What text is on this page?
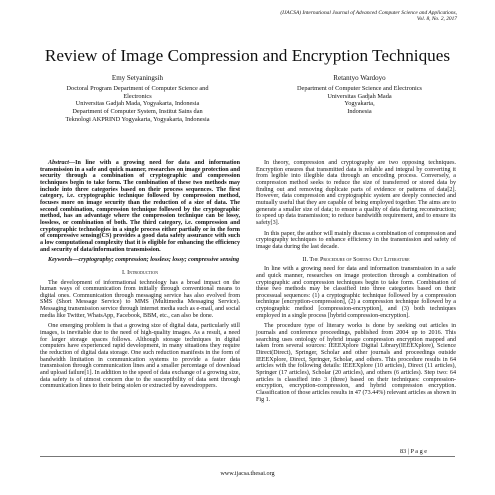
(IJACSA) International Journal of Advanced Computer Science and Applications,
Vol. 8, No. 2, 2017
Review of Image Compression and Encryption Techniques
Emy Setyaningsih
Doctoral Program Department of Computer Science and
Electronics
Universitas Gadjah Mada, Yogyakarta, Indonesia
Department of Computer System, Institut Sains dan
Teknologi AKPRIND Yogyakarta, Yogyakarta, Indonesia
Retantyo Wardoyo
Department of Computer Science and Electronics
Universitas Gadjah Mada
Yogyakarta,
Indonesia

Abstract—In line with a growing need for data and information transmission in a safe and quick manner, researches on image protection and security through a combination of cryptographic and compression techniques begin to take form. The combination of these two methods may include into three categories based on their process sequences. The first category, i.e. cryptographic technique followed by compression method, focuses more on image security than the reduction of a size of data. The second combination, compression technique followed by the cryptographic method, has an advantage where the compression technique can be lossy, lossless, or combination of both. The third category, i.e. compression and cryptographic technologies in a single process either partially or in the form of compressive sensing(CS) provides a good data safety assurance with such a low computational complexity that it is eligible for enhancing the efficiency and security of data/information transmission.

Keywords—cryptography; compression; lossless; lossy; compressive sensing

I. Introduction

The development of informational technology has a broad impact on the human ways of communication from initially through conventional means to digital ones. Communication through messaging service has also evolved from SMS (Short Message Service) to MMS (Multimedia Messaging Service). Messaging transmission service through internet media such as e-mail, and social media like Twitter, WhatsApp, Facebook, BBM, etc., can also be done.

One emerging problem is that a growing size of digital data, particularly still images, is inevitable due to the need of high-quality images. As a result, a need for larger storage spaces follows. Although storage techniques in digital computers have experienced rapid development, in many situations they require the reduction of digital data storage. One such reduction manifests in the form of bandwidth limitation in communication systems to provide a faster data transmission through communication lines and a smaller percentage of download and upload failure[1]. In addition to the speed of data exchange of a growing size, data safety is of utmost concern due to the susceptibility of data sent through communication lines to their being stolen or extracted by eavesdroppers.

In theory, compression and cryptography are two opposing techniques. Encryption ensures that transmitted data is reliable and integral by converting it from legible into illegible data through an encoding process. Conversely, a compression method seeks to reduce the size of transferred or stored data by finding out and removing duplicate parts of evidence or patterns of data[2]. However, data compression and cryptographic system are deeply connected and mutually useful that they are capable of being employed together. The aims are to generate a smaller size of data; to ensure a quality of data during reconstruction; to speed up data transmission; to reduce bandwidth requirement, and to ensure its safety[3].

In this paper, the author will mainly discuss a combination of compression and cryptography techniques to enhance efficiency in the transmission and safety of image data during the last decade.

II. The Procedure of Sorting Out Literature

In line with a growing need for data and information transmission in a safe and quick manner, researches on image protection through a combination of cryptographic and compression techniques begin to take form. Combination of these two methods may be classified into three categories based on their processual sequences: (1) a cryptographic technique followed by a compression technique [encryption-compression], (2) a compression technique followed by a cryptographic method [compression-encryption], and (3) both techniques employed in a single process [hybrid compression-encryption].

The procedure type of literary works is done by seeking out articles in journals and conference proceedings, published from 2004 up to 2016. This searching uses ontology of hybrid image compression encryption mapped and taken from several sources: IEEEXplore Digital Library(IEEEXplore), Science Direct(Direct), Springer, Scholar and other journals and proceedings outside IEEEXplore, Direct, Springer, Scholar, and others. This procedure results in 64 articles with the following details: IEEEXplore (10 articles), Direct (11 articles), Springer (17 articles), Scholar (20 articles), and others (6 articles). Step two: 64 articles is classified into 3 (three) based on their techniques: compression-encryption, encryption-compression, and hybrid compression encryption. Classification of those articles results in 47 (73.44%) relevant articles as shown in Fig 1.

83 | P a g e
www.ijacsa.thesai.org
